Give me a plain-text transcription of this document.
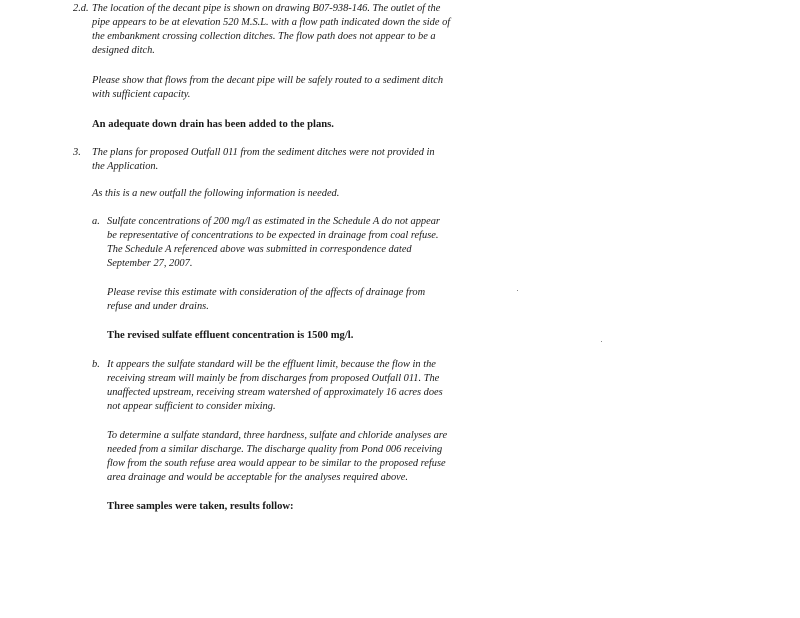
2.d. The location of the decant pipe is shown on drawing B07-938-146. The outlet of the
pipe appears to be at elevation 520 M.S.L. with a flow path indicated down the side of
the embankment crossing collection ditches. The flow path does not appear to be a
designed ditch.
Please show that flows from the decant pipe will be safely routed to a sediment ditch
with sufficient capacity.
An adequate down drain has been added to the plans.
3. The plans for proposed Outfall 011 from the sediment ditches were not provided in
the Application.
As this is a new outfall the following information is needed.
a. Sulfate concentrations of 200 mg/l as estimated in the Schedule A do not appear
be representative of concentrations to be expected in drainage from coal refuse.
The Schedule A referenced above was submitted in correspondence dated
September 27, 2007.
Please revise this estimate with consideration of the affects of drainage from
refuse and under drains.
The revised sulfate effluent concentration is 1500 mg/l.
b. It appears the sulfate standard will be the effluent limit, because the flow in the
receiving stream will mainly be from discharges from proposed Outfall 011. The
unaffected upstream, receiving stream watershed of approximately 16 acres does
not appear sufficient to consider mixing.
To determine a sulfate standard, three hardness, sulfate and chloride analyses are
needed from a similar discharge. The discharge quality from Pond 006 receiving
flow from the south refuse area would appear to be similar to the proposed refuse
area drainage and would be acceptable for the analyses required above.
Three samples were taken, results follow:
